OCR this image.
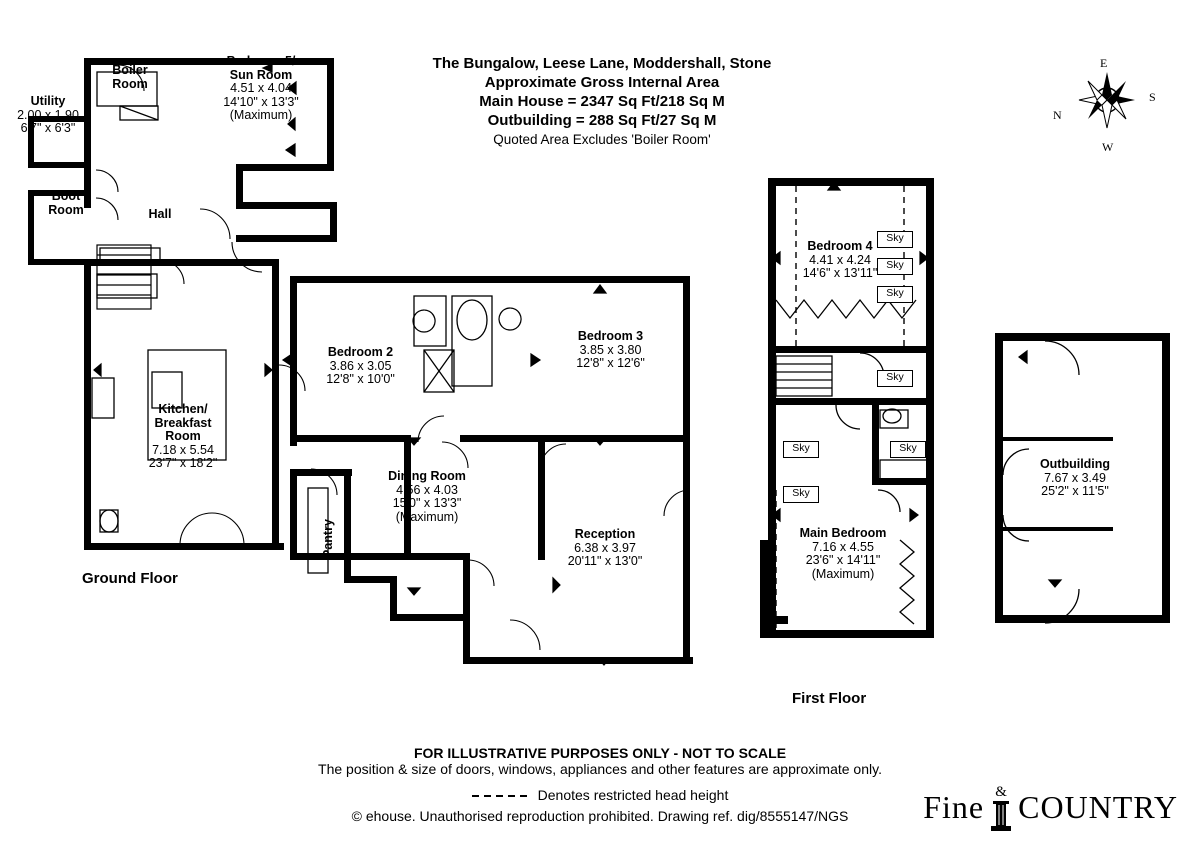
The Bungalow, Leese Lane, Moddershall, Stone
Approximate Gross Internal Area
Main House = 2347 Sq Ft/218 Sq M
Outbuilding = 288 Sq Ft/27 Sq M
Quoted Area Excludes 'Boiler Room'
E
S
N
W
Utility
2.00 x 1.90
6'7" x 6'3"
Boiler
Room
Boot
Room	Hall
Bedroom 5/
Sun Room
4.51 x 4.04
14'10" x 13'3"
(Maximum)
Kitchen/
Breakfast
Room
7.18 x 5.54
23'7" x 18'2"
Bedroom 2
3.86 x 3.05
12'8" x 10'0"
Bedroom 3
3.85 x 3.80
12'8" x 12'6"
Dining Room
4.56 x 4.03
15'0" x 13'3"
(Maximum)
Pantry	Reception
6.38 x 3.97
20'11" x 13'0"
Ground Floor
Bedroom 4
4.41 x 4.24
14'6" x 13'11"
Main Bedroom
7.16 x 4.55
23'6" x 14'11"
(Maximum)
Sky
Sky
Sky
Sky
Sky	Sky
Sky
First Floor
Outbuilding
7.67 x 3.49
25'2" x 11'5"
FOR ILLUSTRATIVE PURPOSES ONLY - NOT TO SCALE
The position & size of doors, windows, appliances and other features are approximate only.
Denotes restricted head height
© ehouse. Unauthorised reproduction prohibited. Drawing ref. dig/8555147/NGS	Fine & COUNTRY
